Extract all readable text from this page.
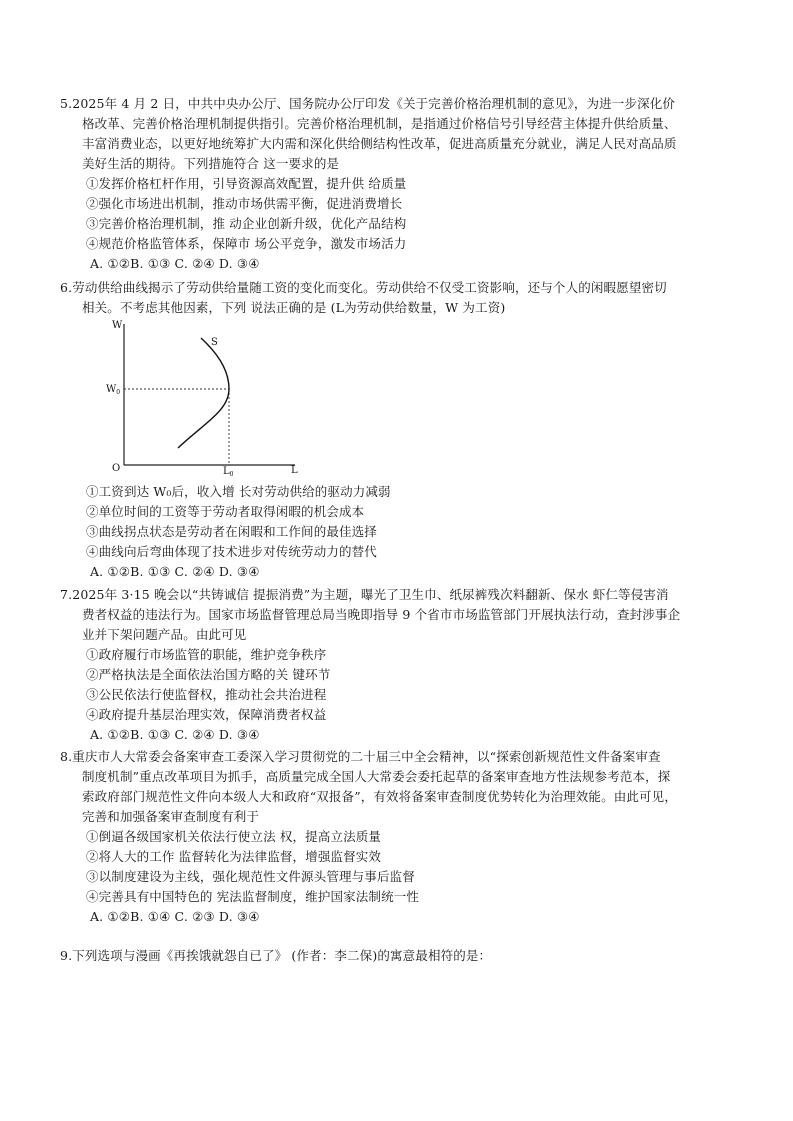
5.2025年 4 月 2 日，中共中央办公厅、国务院办公厅印发《关于完善价格治理机制的意见》，为进一步深化价
格改革、完善价格治理机制提供指引。完善价格治理机制，是指通过价格信号引导经营主体提升供给质量、
丰富消费业态，以更好地统筹扩大内需和深化供给侧结构性改革，促进高质量充分就业，满足人民对高品质
美好生活的期待。下列措施符合 这一要求的是
①发挥价格杠杆作用，引导资源高效配置，提升供 给质量
②强化市场进出机制，推动市场供需平衡，促进消费增长
③完善价格治理机制，推 动企业创新升级，优化产品结构
④规范价格监管体系，保障市 场公平竞争，激发市场活力
A. ①②B. ①③ C. ②④ D. ③④
6.劳动供给曲线揭示了劳动供给量随工资的变化而变化。劳动供给不仅受工资影响，还与个人的闲暇愿望密切
相关。不考虑其他因素，下列 说法正确的是 (L为劳动供给数量，W 为工资)
W
S
$W_0$
O	$L_0$	L
①工资到达 W₀后，收入增 长对劳动供给的驱动力减弱
②单位时间的工资等于劳动者取得闲暇的机会成本
③曲线拐点状态是劳动者在闲暇和工作间的最佳选择
④曲线向后弯曲体现了技术进步对传统劳动力的替代
A. ①②B. ①③ C. ②④ D. ③④
7.2025年 3·15 晚会以“共铸诚信 提振消费”为主题，曝光了卫生巾、纸尿裤残次料翻新、保水 虾仁等侵害消
费者权益的违法行为。国家市场监督管理总局当晚即指导 9 个省市市场监管部门开展执法行动，查封涉事企
业并下架问题产品。由此可见
①政府履行市场监管的职能，维护竞争秩序
②严格执法是全面依法治国方略的关 键环节
③公民依法行使监督权，推动社会共治进程
④政府提升基层治理实效，保障消费者权益
A. ①②B. ①③ C. ②④ D. ③④
8.重庆市人大常委会备案审查工委深入学习贯彻党的二十届三中全会精神，以“探索创新规范性文件备案审查
制度机制”重点改革项目为抓手，高质量完成全国人大常委会委托起草的备案审查地方性法规参考范本，探
索政府部门规范性文件向本级人大和政府“双报备”，有效将备案审查制度优势转化为治理效能。由此可见，
完善和加强备案审查制度有利于
①倒逼各级国家机关依法行使立法 权，提高立法质量
②将人大的工作 监督转化为法律监督，增强监督实效
③以制度建设为主线，强化规范性文件源头管理与事后监督
④完善具有中国特色的 宪法监督制度，维护国家法制统一性
A. ①②B. ①④ C. ②③ D. ③④
9.下列选项与漫画《再挨饿就怨自已了》 (作者：李二保)的寓意最相符的是：
